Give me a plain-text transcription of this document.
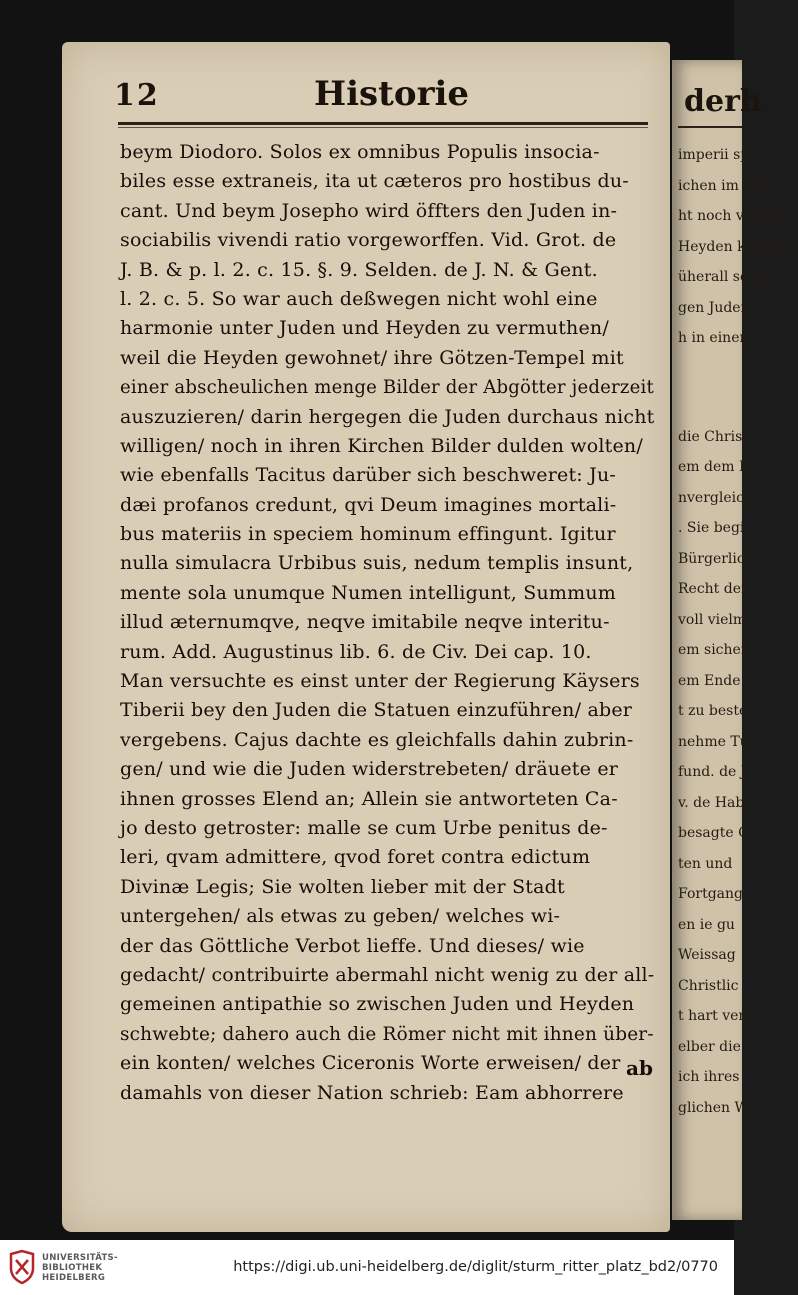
derh
imperii sple
ichen im We
ht noch verhin
Heyden keinen g
üherall so gle
gen Juden
h in einen l
die Christ
em dem Bür
nvergleichl
. Sie begi
Bürgerlich
Recht der J
voll vielm
em sicher
em Ende
t zu beste
nehme Tug
fund. de J. N
v. de Habi
besagte C
ten und
Fortgang
en ie gu
Weissag
Christlic
t hart vers
elber die
ich ihres
glichen We
12	Historie
beym Diodoro. Solos ex omnibus Populis insocia-
biles esse extraneis, ita ut cæteros pro hostibus du-
cant. Und beym Josepho wird öffters den Juden in-
sociabilis vivendi ratio vorgeworffen. Vid. Grot. de
J. B. & p. l. 2. c. 15. §. 9. Selden. de J. N. & Gent.
l. 2. c. 5. So war auch deßwegen nicht wohl eine
harmonie unter Juden und Heyden zu vermuthen/
weil die Heyden gewohnet/ ihre Götzen-Tempel mit
einer abscheulichen menge Bilder der Abgötter jederzeit
auszuzieren/ darin hergegen die Juden durchaus nicht
willigen/ noch in ihren Kirchen Bilder dulden wolten/
wie ebenfalls Tacitus darüber sich beschweret: Ju-
dæi profanos credunt, qvi Deum imagines mortali-
bus materiis in speciem hominum effingunt. Igitur
nulla simulacra Urbibus suis, nedum templis insunt,
mente sola unumque Numen intelligunt, Summum
illud æternumqve, neqve imitabile neqve interitu-
rum. Add. Augustinus lib. 6. de Civ. Dei cap. 10.
Man versuchte es einst unter der Regierung Käysers
Tiberii bey den Juden die Statuen einzuführen/ aber
vergebens. Cajus dachte es gleichfalls dahin zubrin-
gen/ und wie die Juden widerstrebeten/ dräuete er
ihnen grosses Elend an; Allein sie antworteten Ca-
jo desto getroster: malle se cum Urbe penitus de-
leri, qvam admittere, qvod foret contra edictum
Divinæ Legis; Sie wolten lieber mit der Stadt
untergehen/ als etwas zu geben/ welches wi-
der das Göttliche Verbot lieffe. Und dieses/ wie
gedacht/ contribuirte abermahl nicht wenig zu der all-
gemeinen antipathie so zwischen Juden und Heyden
schwebte; dahero auch die Römer nicht mit ihnen über-
ein konten/ welches Ciceronis Worte erweisen/ der
damahls von dieser Nation schrieb: Eam abhorrere
ab
UNIVERSITÄTS-
BIBLIOTHEK
HEIDELBERG
https://digi.ub.uni-heidelberg.de/diglit/sturm_ritter_platz_bd2/0770
